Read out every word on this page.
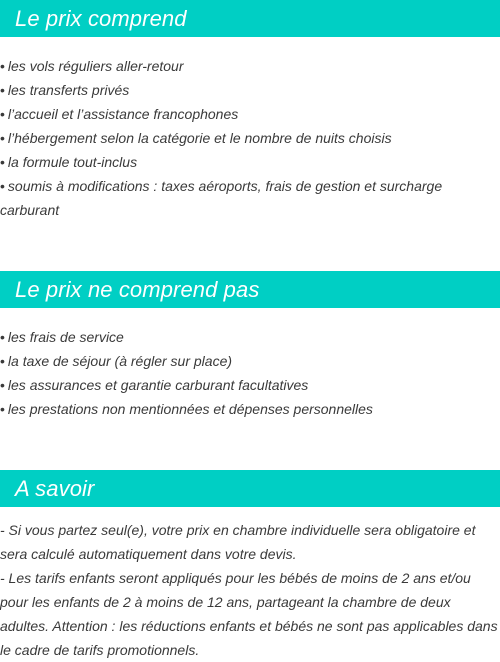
Le prix comprend
• les vols réguliers aller-retour
• les transferts privés
• l’accueil et l’assistance francophones
• l’hébergement selon la catégorie et le nombre de nuits choisis
• la formule tout-inclus
• soumis à modifications : taxes aéroports, frais de gestion et surcharge carburant
Le prix ne comprend pas
• les frais de service
• la taxe de séjour (à régler sur place)
• les assurances et garantie carburant facultatives
• les prestations non mentionnées et dépenses personnelles
A savoir

- Si vous partez seul(e), votre prix en chambre individuelle sera obligatoire et sera calculé automatiquement dans votre devis.

- Les tarifs enfants seront appliqués pour les bébés de moins de 2 ans et/ou pour les enfants de 2 à moins de 12 ans, partageant la chambre de deux adultes. Attention : les réductions enfants et bébés ne sont pas applicables dans le cadre de tarifs promotionnels.
